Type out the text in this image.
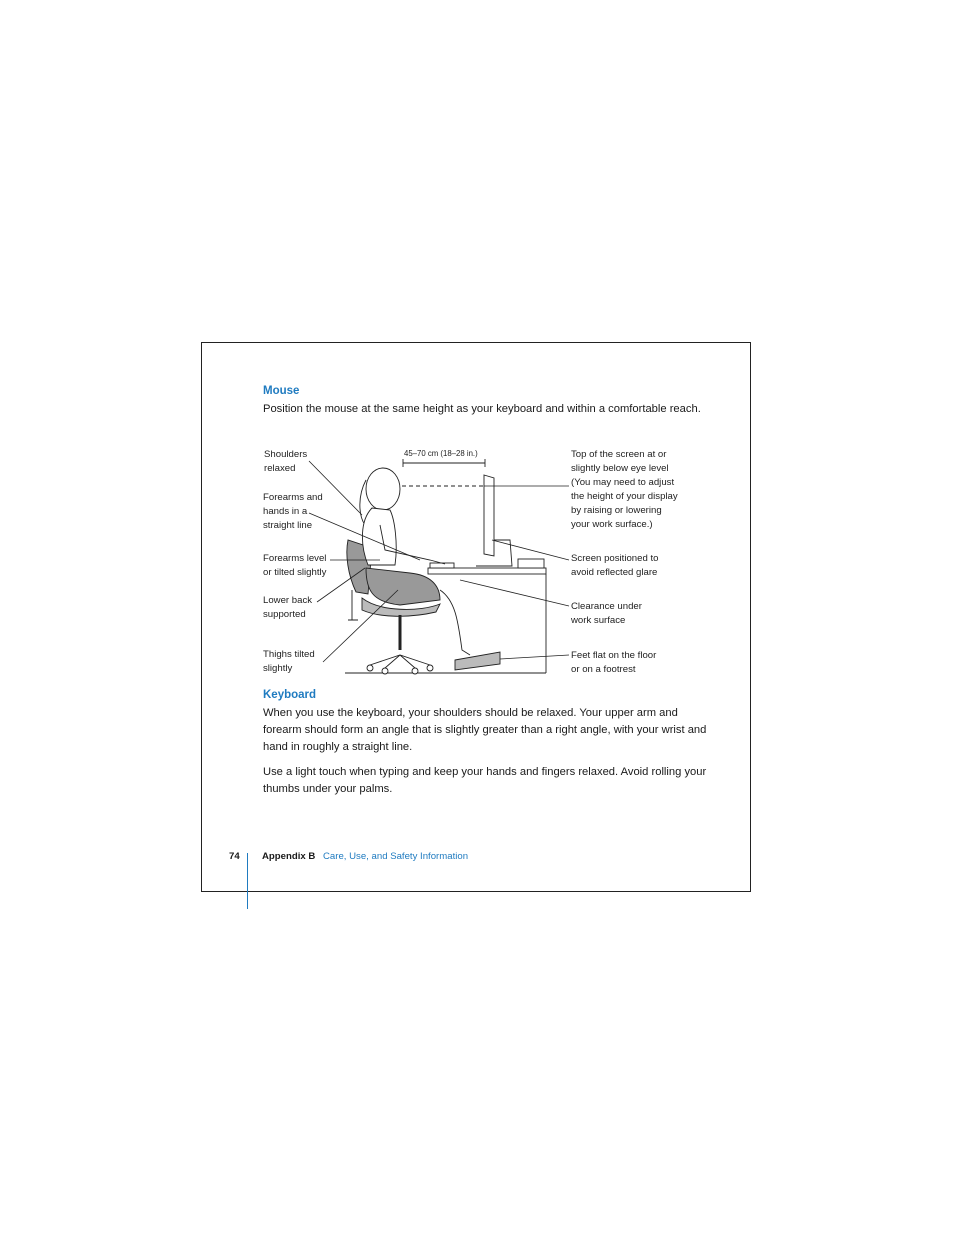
Mouse
Position the mouse at the same height as your keyboard and within a comfortable reach.
45–70 cm (18–28 in.)
Shoulders
relaxed
Forearms and
hands in a
straight line
Forearms level
or tilted slightly
Lower back
supported
Thighs tilted
slightly
Top of the screen at or
slightly below eye level
(You may need to adjust
the height of your display
by raising or lowering
your work surface.)
Screen positioned to
avoid reflected glare
Clearance under
work surface
Feet flat on the floor
or on a footrest
Keyboard
When you use the keyboard, your shoulders should be relaxed. Your upper arm and forearm should form an angle that is slightly greater than a right angle, with your wrist and hand in roughly a straight line.
Use a light touch when typing and keep your hands and fingers relaxed. Avoid rolling your thumbs under your palms.
74 Appendix B Care, Use, and Safety Information
